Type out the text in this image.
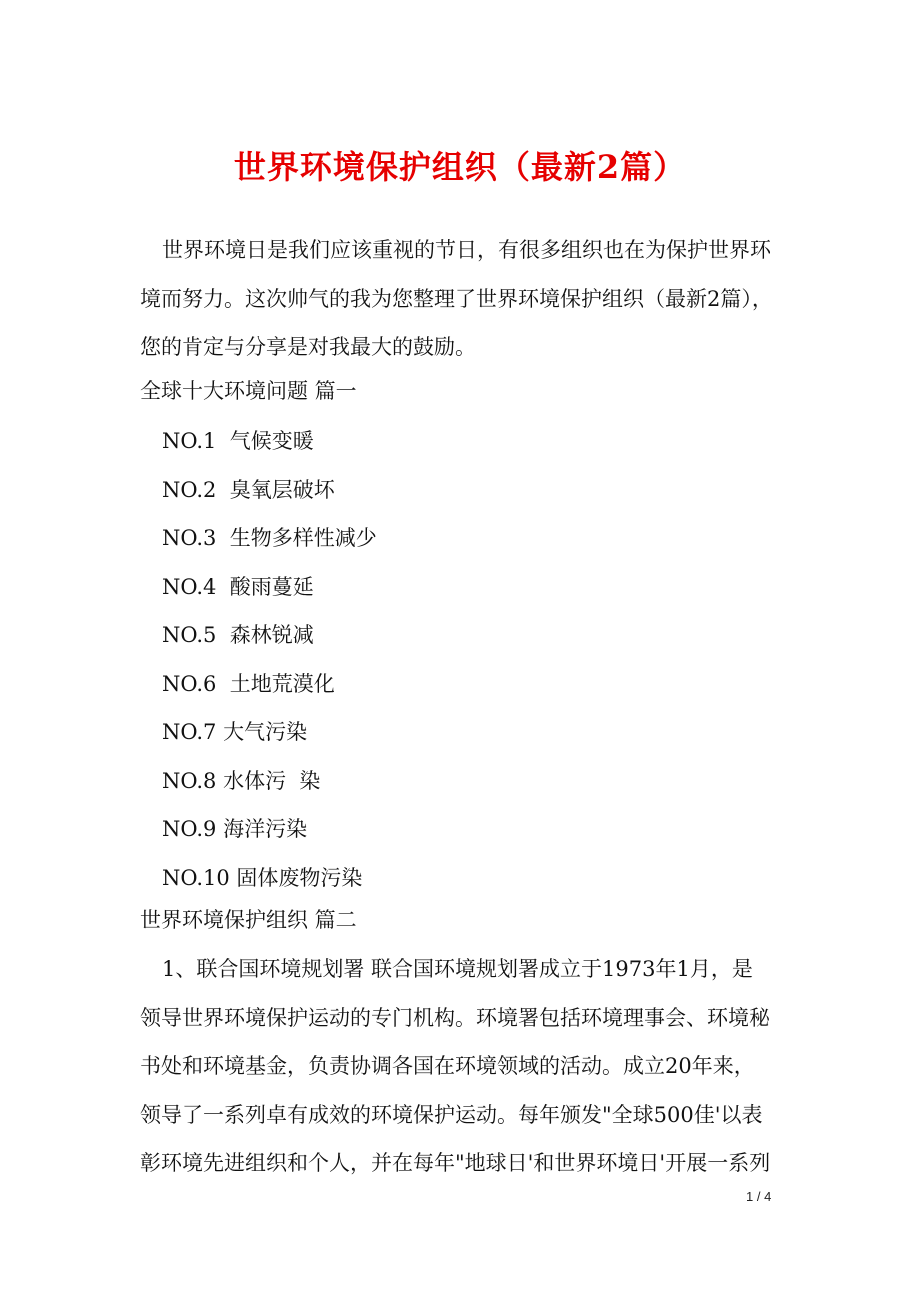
世界环境保护组织（最新2篇）
世界环境日是我们应该重视的节日，有很多组织也在为保护世界环
境而努力。这次帅气的我为您整理了世界环境保护组织（最新2篇），
您的肯定与分享是对我最大的鼓励。
全球十大环境问题 篇一
NO.1  气候变暖
NO.2  臭氧层破坏
NO.3  生物多样性减少
NO.4  酸雨蔓延
NO.5  森林锐减
NO.6  土地荒漠化
NO.7 大气污染
NO.8 水体污  染
NO.9 海洋污染
NO.10 固体废物污染
世界环境保护组织 篇二
1、联合国环境规划署 联合国环境规划署成立于1973年1月，是
领导世界环境保护运动的专门机构。环境署包括环境理事会、环境秘
书处和环境基金，负责协调各国在环境领域的活动。成立20年来，
领导了一系列卓有成效的环境保护运动。每年颁发"全球500佳'以表
彰环境先进组织和个人，并在每年"地球日'和世界环境日'开展一系列
1 / 4
